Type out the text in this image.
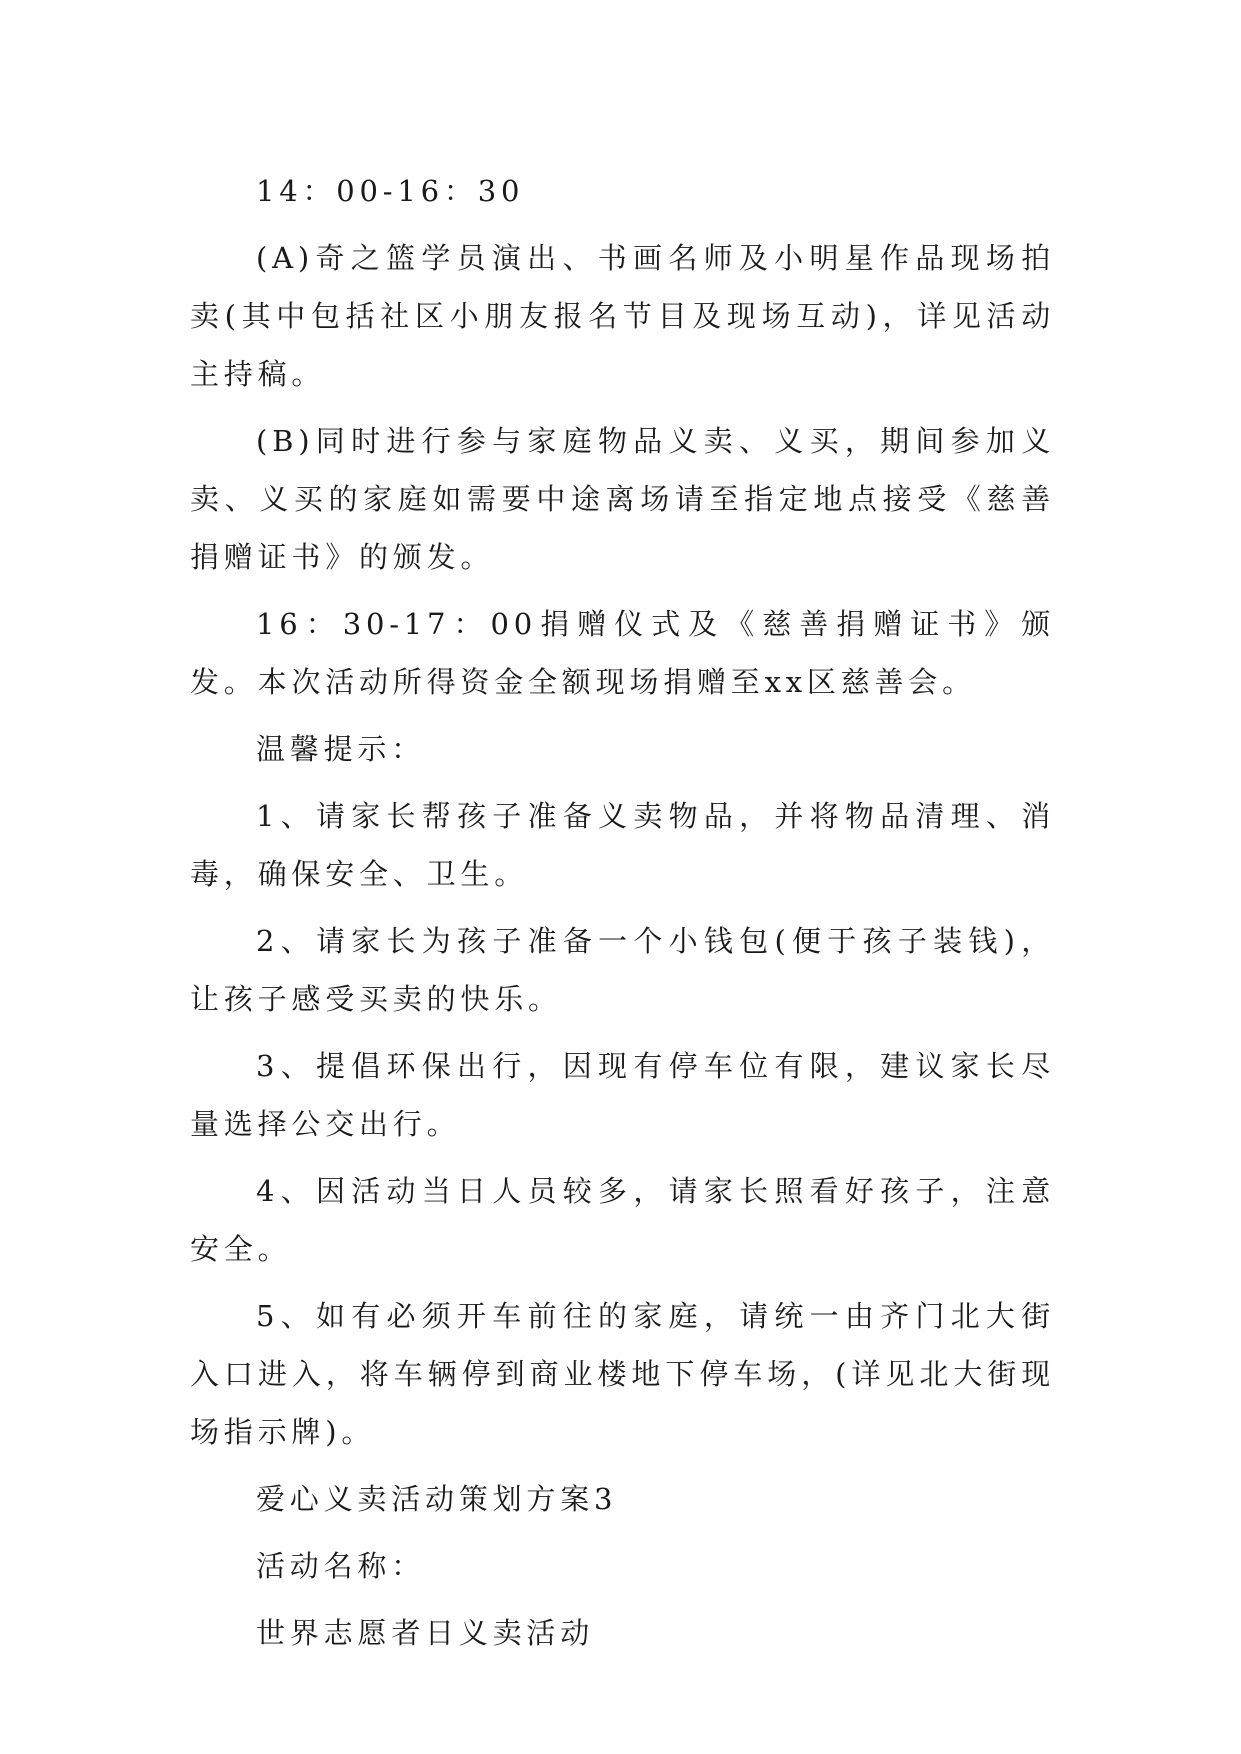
14：00-16：30

(A)奇之篮学员演出、书画名师及小明星作品现场拍卖(其中包括社区小朋友报名节目及现场互动)，详见活动主持稿。

(B)同时进行参与家庭物品义卖、义买，期间参加义卖、义买的家庭如需要中途离场请至指定地点接受《慈善捐赠证书》的颁发。

16：30-17：00捐赠仪式及《慈善捐赠证书》颁发。本次活动所得资金全额现场捐赠至xx区慈善会。

温馨提示：

1、请家长帮孩子准备义卖物品，并将物品清理、消毒，确保安全、卫生。

2、请家长为孩子准备一个小钱包(便于孩子装钱)，让孩子感受买卖的快乐。

3、提倡环保出行，因现有停车位有限，建议家长尽量选择公交出行。

4、因活动当日人员较多，请家长照看好孩子，注意安全。

5、如有必须开车前往的家庭，请统一由齐门北大街入口进入，将车辆停到商业楼地下停车场，(详见北大街现场指示牌)。

爱心义卖活动策划方案3

活动名称：

世界志愿者日义卖活动
